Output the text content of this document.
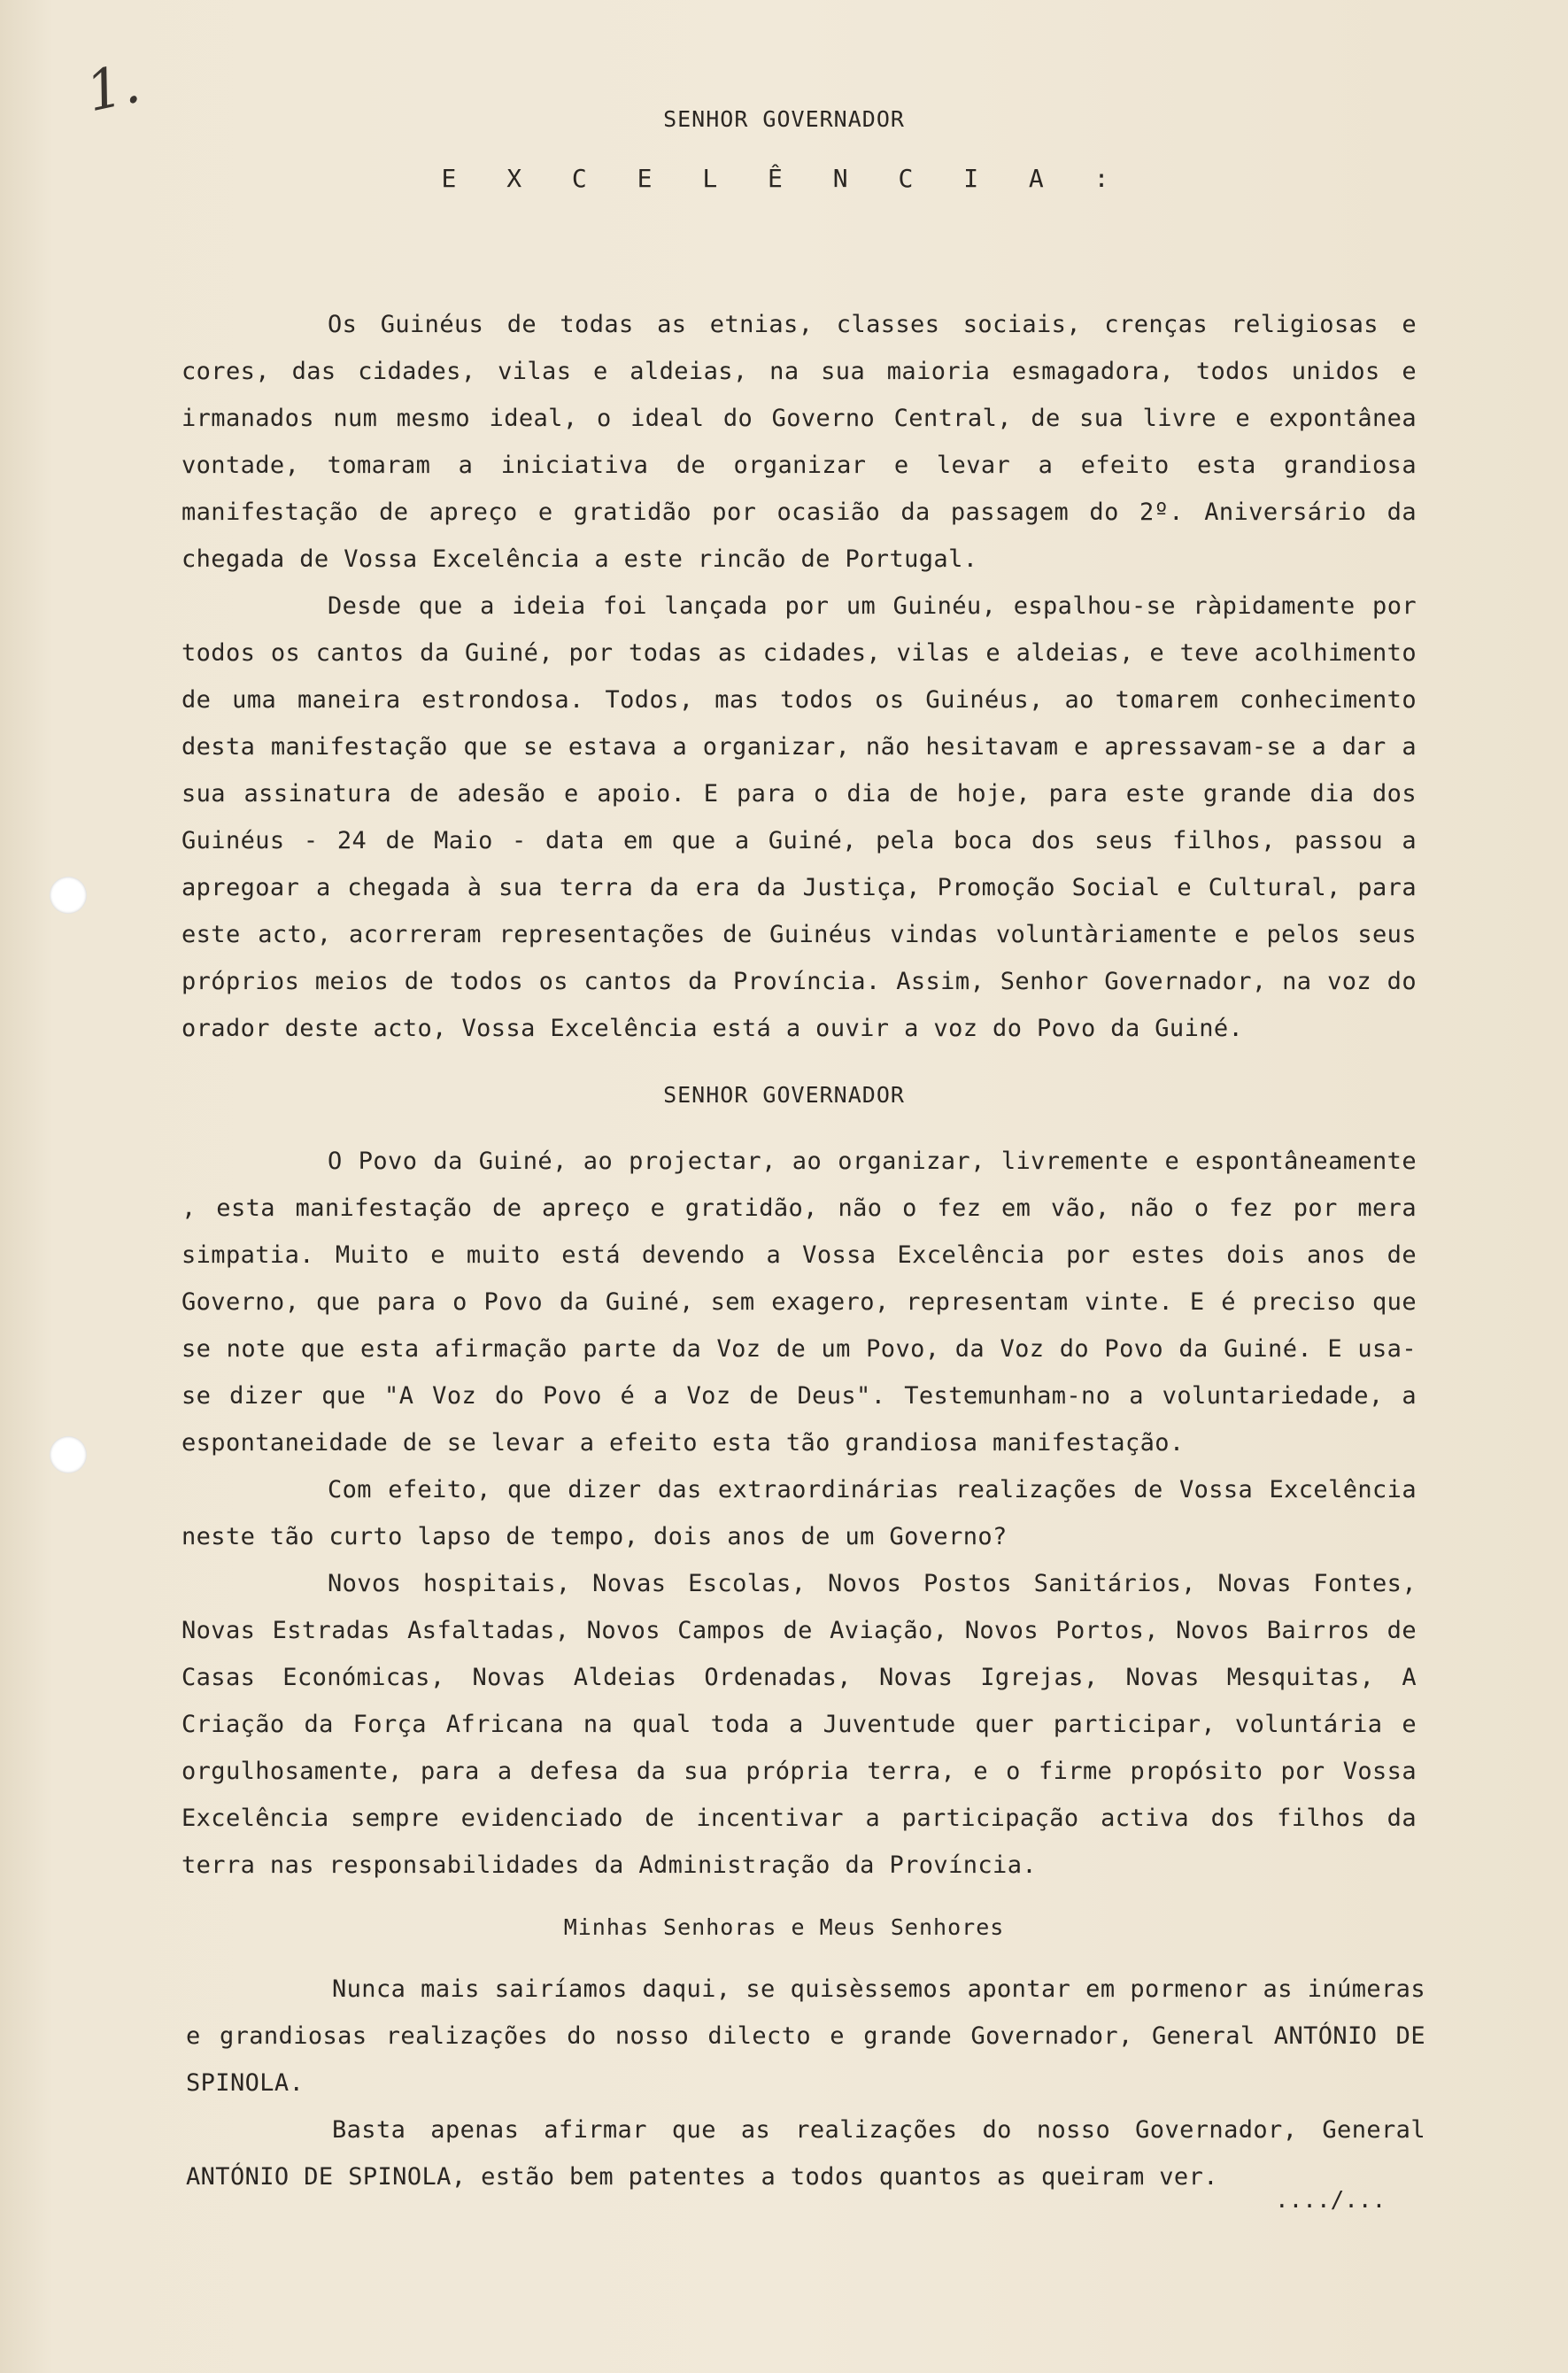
1.	SENHOR GOVERNADOR
E X C E L Ê N C I A :

Os Guinéus de todas as etnias, classes sociais, crenças religiosas e cores, das cidades, vilas e aldeias, na sua maioria esmagadora, todos unidos e irmanados num mesmo ideal, o ideal do Governo Central, de sua livre e expontânea vontade, tomaram a iniciativa de organizar e levar a efeito esta grandiosa manifestação de apreço e gratidão por ocasião da passagem do 2º. Aniversário da chegada de Vossa Excelência a este rincão de Portugal.

Desde que a ideia foi lançada por um Guinéu, espalhou-se ràpidamente por todos os cantos da Guiné, por todas as cidades, vilas e aldeias, e teve acolhimento de uma maneira estrondosa. Todos, mas todos os Guinéus, ao tomarem conhecimento desta manifestação que se estava a organizar, não hesitavam e apressavam-se a dar a sua assinatura de adesão e apoio. E para o dia de hoje, para este grande dia dos Guinéus - 24 de Maio - data em que a Guiné, pela boca dos seus filhos, passou a apregoar a chegada à sua terra da era da Justiça, Promoção Social e Cultural, para este acto, acorreram representações de Guinéus vindas voluntàriamente e pelos seus próprios meios de todos os cantos da Província. Assim, Senhor Governador, na voz do orador deste acto, Vossa Excelência está a ouvir a voz do Povo da Guiné.

SENHOR GOVERNADOR

O Povo da Guiné, ao projectar, ao organizar, livremente e espontâneamente , esta manifestação de apreço e gratidão, não o fez em vão, não o fez por mera simpatia. Muito e muito está devendo a Vossa Excelência por estes dois anos de Governo, que para o Povo da Guiné, sem exagero, representam vinte. E é preciso que se note que esta afirmação parte da Voz de um Povo, da Voz do Povo da Guiné. E usa-se dizer que "A Voz do Povo é a Voz de Deus". Testemunham-no a voluntariedade, a espontaneidade de se levar a efeito esta tão grandiosa manifestação.

Com efeito, que dizer das extraordinárias realizações de Vossa Excelência neste tão curto lapso de tempo, dois anos de um Governo?

Novos hospitais, Novas Escolas, Novos Postos Sanitários, Novas Fontes, Novas Estradas Asfaltadas, Novos Campos de Aviação, Novos Portos, Novos Bairros de Casas Económicas, Novas Aldeias Ordenadas, Novas Igrejas, Novas Mesquitas, A Criação da Força Africana na qual toda a Juventude quer participar, voluntária e orgulhosamente, para a defesa da sua própria terra, e o firme propósito por Vossa Excelência sempre evidenciado de incentivar a participação activa dos filhos da terra nas responsabilidades da Administração da Província.

Minhas Senhoras e Meus Senhores

Nunca mais sairíamos daqui, se quisèssemos apontar em pormenor as inúmeras e grandiosas realizações do nosso dilecto e grande Governador, General ANTÓNIO DE SPINOLA.

Basta apenas afirmar que as realizações do nosso Governador, General ANTÓNIO DE SPINOLA, estão bem patentes a todos quantos as queiram ver.

..../...
